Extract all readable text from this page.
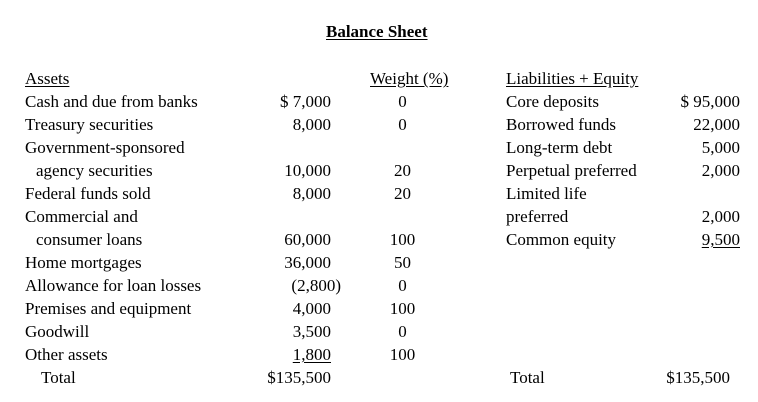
Balance Sheet
Assets	Weight (%)
Cash and due from banks	$ 7,000	0
Treasury securities	8,000	0
Government-sponsored
agency securities	10,000	20
Federal funds sold	8,000	20
Commercial and
consumer loans	60,000	100
Home mortgages	36,000	50
Allowance for loan losses	(2,800)	0
Premises and equipment	4,000	100
Goodwill	3,500	0
Other assets	1,800	100
Total	$135,500
Liabilities + Equity
Core deposits	$ 95,000
Borrowed funds	22,000
Long-term debt	5,000
Perpetual preferred	2,000
Limited life
preferred	2,000
Common equity	9,500
Total	$135,500
